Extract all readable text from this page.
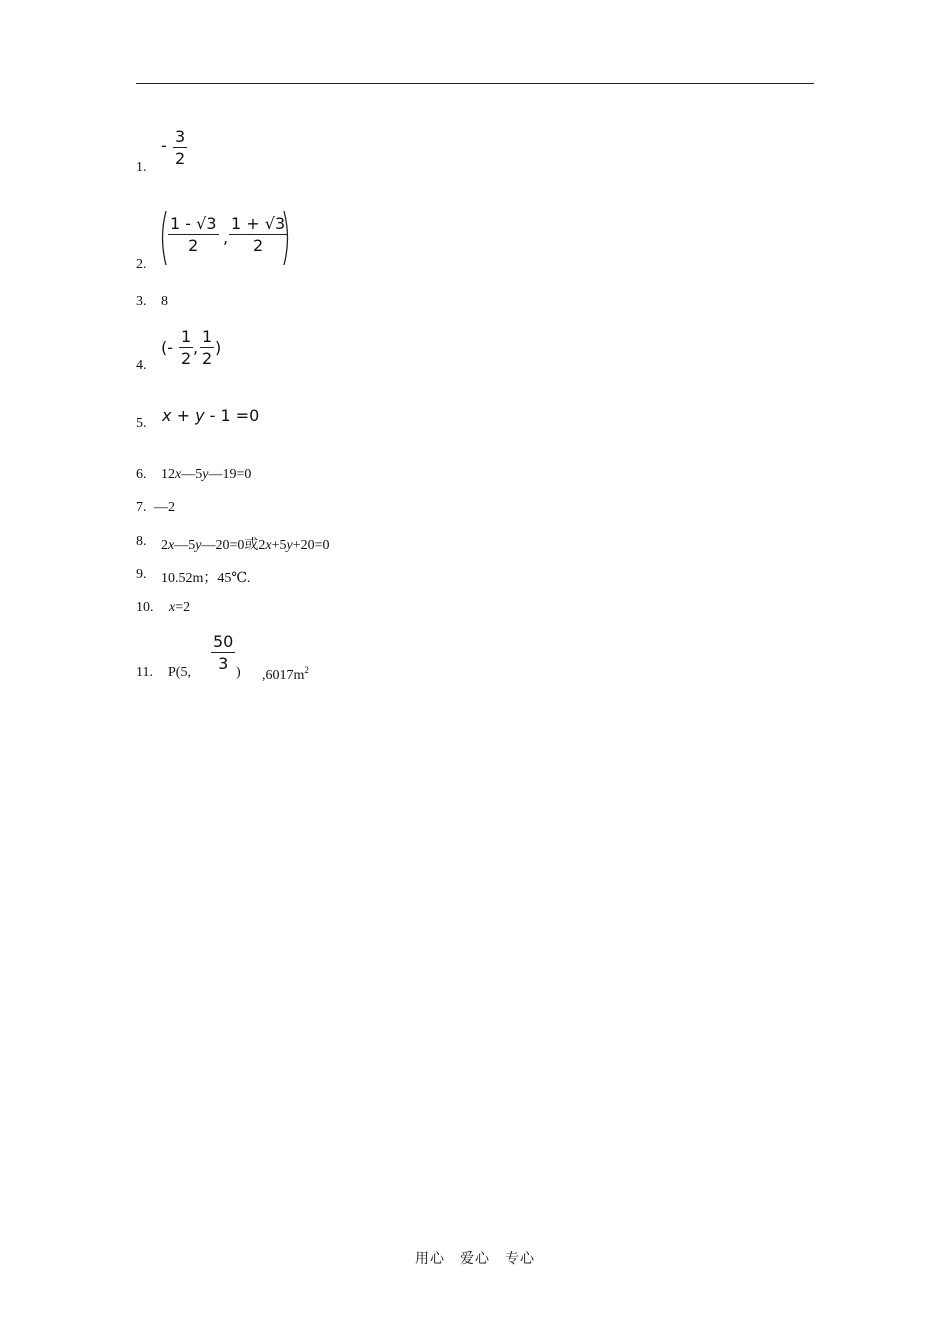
1.
- $\frac{3}{2}$
2.
$\frac{1 - √3}{2}$ , $\frac{1 + √3}{2}$
3. 8
4.
(- $\frac{1}{2}$ , $\frac{1}{2}$ )
5. x + y - 1 =0
6. 12x—5y—19=0
7. —2
8. 2x—5y—20=0或2x+5y+20=0
9. 10.52m；45℃.
10. x=2
11. P(5, $\frac{50}{3}$ ) $,6017m^2$
用心　爱心　专心
